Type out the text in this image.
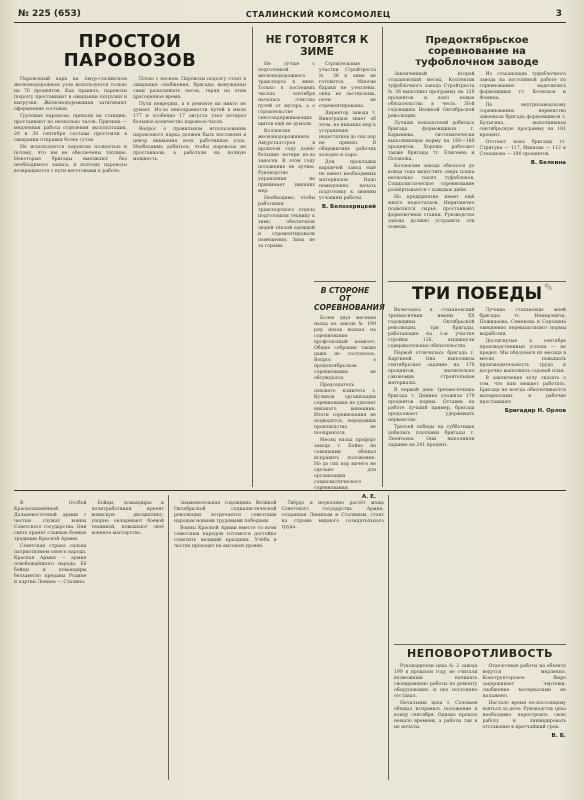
№ 225 (653)	СТАЛИНСКИЙ КОМСОМОЛЕЦ	3
ПРОСТОИ ПАРОВОЗОВ

Паровозный парк на Амур-сталинском железнодорожном узле используется только на 70 процентов. Как правило, паровозы подолгу простаивают в ожидании погрузки и выгрузки. Железнодорожники затягивают оформление составов.

Грузовые паровозы, приходя на станцию, простаивают по несколько часов. Причина — медленная работа отделения эксплуатации. 29 и 30 сентября составы простояли в ожидании отправки более суток.

Не используются паровозы полностью и потому, что им не обеспечены топливо. Некоторые бригады выезжают без необходимого запаса, и поэтому паровозы возвращаются с пути неготовыми к работе.

Плохо с песком. Паровозы подолгу стоят в ожидании снабжения, бригады вынуждены сами разыскивать песок, теряя на этом драгоценное время.

Пути невредны, а в ремонте их никто не думает. Из-за неисправности путей в июле 177 и особенно 17 августа узел потерял большое количество паровозо-часов.

Вопрос о правильном использовании паровозного парка должен быть поставлен в центр внимания всех работников узла. Необходимо добиться, чтобы паровозы не простаивали, а работали на полную мощность.

НЕ ГОТОВЯТСЯ К ЗИМЕ

Не лучше с подготовкой железнодорожного транспорта к зиме. Только в последних числах сентября началась очистка путей от мусора, а о строительстве снегозадерживающих щитов ещё не думали.

Коллектив железнодорожников Амурсталстроя в прошлом году понёс большие потери из-за заносов. В этом году положение не лучше. Руководство управления не принимает никаких мер.

Необходимо, чтобы работники транспортного отдела подготовили технику к зиме, обеспечили людей тёплой одеждой и отремонтировали помещения. Зима не за горами.

Строительные участки Стройтреста № 36 к зиме не готовятся. Многие бараки не утеплены, окна не застеклены, печи не отремонтированы.

Директор завода т. Виноградов знает об этом, но никаких мер к устранению недостатков до сих пор не принял. В общежитиях рабочих холодно и сыро.

Для прокладки кирпичей завод ещё не имеет необходимых материалов. Надо немедленно начать подготовку к зимним условиям работы.

В. Белозерицкий
В СТОРОНЕ ОТ СОРЕВНОВАНИЯ

Более двух месяцев назад на заводе № 199 ряд цехов вызвал на соревнование профсоюзный комитет. Общее собрание также даже не состоялось. Вопрос о предоктябрьском соревновании не обсуждался.

Председатель цехового комитета т. Куликов организации соревнования не уделяет никакого внимания. Итоги соревнования не подводятся, передовики производства не поощряются.

Месяц назад профорг завода т. Бойко на совещании обещал исправить положение. Но до сих пор ничего не сделано для организации социалистического соревнования.

А. Е.
Предоктябрьское соревнование на туфоблочном заводе

Законченный второй стахановский месяц. Коллектив туфоблочного завода Стройтреста № 36 выполнил программу на 126 процентов и взял новые обязательства в честь 30-й годовщины Великой Октябрьской революции.

Лучших показателей добилась бригада формовщиков т. Барышева, систематически выполняющая норму на 160—180 процентов. Хорошо работают также бригады тт. Елисеева и Потапова.

Коллектив завода обязался до конца года выпустить сверх плана несколько тысяч туфоблоков. Социалистическое соревнование развёртывается с каждым днём.

Но предприятие имеет ещё много недостатков. Неритмично подвозится сырьё, простаивают формовочные станки. Руководство завода должно устранить эти помехи.

Из стахановцев туфоблочного завода на постоянной работе по соревнованию выделились формовщики тт. Кочетков и Фомина.

По внутризаводскому соревнованию первенство завоевала бригада формовщиков т. Булыгина, выполнившая сентябрьскую программу на 181 процент.

Отстают пока бригады тт. Стригуна — 117, Иванова — 112 и Степанова — 190 процентов.

В. Белкина
ТРИ ПОБЕДЫ

Включаясь в стахановский трехмесячник имени ХХ годовщины Октябрьской революции, три бригады, работающие на 1-м участке стройки 126, выдвинули содержательные обязательства.

Первой отличилась бригада т. Каргиной. Она выполнила сентябрьское задание на 170 процентов, значительно сэкономив строительные материалы.

В первый день трехмесячника бригада т. Демина уложила 170 процентов нормы. Оставив на работе лучший пример, бригада продолжает удерживать первенство.

Третьей победы на субботнике добились плотники бригады т. Леонтьева. Они выполнили задание на 241 процент.

Лучшие стахановцы моей бригады тт. Немеровича, Пожидаева, Семенова и Сорокина ежедневно перевыполняют нормы выработки.

Достигнутые в сентябре производственные успехи — не предел. Мы обязуемся из месяца в месяц повышать производительность труда и досрочно выполнить годовой план.

В заключение хочу сказать о том, что нам мешает работать. Бригада не всегда обеспечивается материалами, и рабочие простаивают.

Бригадир Н. Орлов
✎

В Особой Краснознамённой Дальневосточной армии с честью служат воины Советского государства. Они свято хранят славные боевые традиции Красной Армии.

Советская страна сильна патриотизмом своего народа. Красная Армия — армия освобождённого народа. Её бойцы и командиры беззаветно преданы Родине и партии Ленина — Сталина.

Бойцы, командиры и политработники крепят воинскую дисциплину, упорно овладевают боевой техникой, повышают своё военное мастерство.

Знаменательная годовщина Великой Октябрьской социалистической революции встречается советским народом новыми трудовыми победами.

Воины Красной Армии вместе со всем советским народом готовятся достойно отметить великий праздник. Учёба в частях проходит на высоком уровне.

Твёрдо и неуклонно растёт мощь Советского государства. Армия, созданная Лениным и Сталиным, стоит на страже мирного созидательного труда.

НЕПОВОРОТЛИВОСТЬ

Руководители цеха № 2 завода 199 в прошлом году не считали возможным начинать своевременно работы по ремонту оборудования, и цех постоянно отставал.

Начальник цеха т. Соловьев обещал исправить положение к концу сентября. Однако прошло немало времени, а работы так и не начаты.

Отделочные работы на объекте ведутся медленно. Конструкторское бюро задерживает чертежи, снабжение материалами не налажено.

Настало время по-настоящему взяться за дело. Руководству цеха необходимо перестроить свою работу и ликвидировать отставание в кратчайший срок.

В. Б.
